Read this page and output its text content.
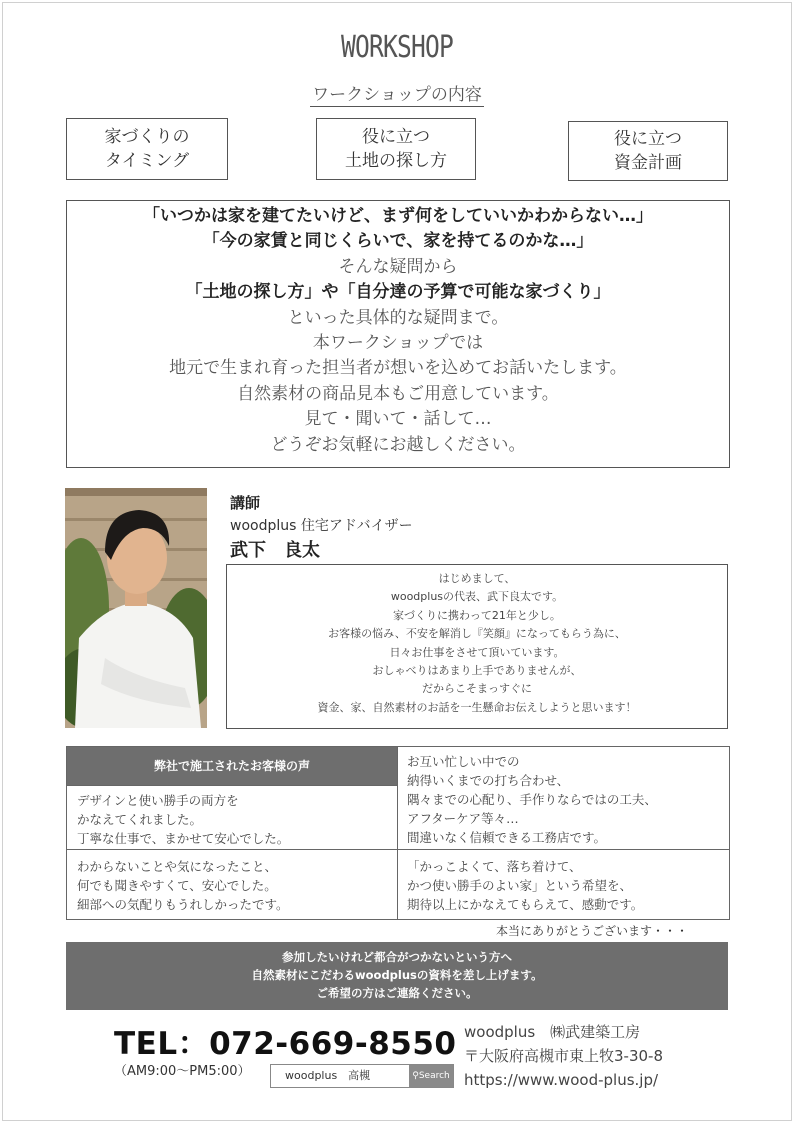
WORKSHOP
ワークショップの内容
家づくりの
タイミング
役に立つ
土地の探し方
役に立つ
資金計画
「いつかは家を建てたいけど、まず何をしていいかわからない…」
「今の家賃と同じくらいで、家を持てるのかな…」
そんな疑問から
「土地の探し方」や「自分達の予算で可能な家づくり」
といった具体的な疑問まで。
本ワークショップでは
地元で生まれ育った担当者が想いを込めてお話いたします。
自然素材の商品見本もご用意しています。
見て・聞いて・話して…
どうぞお気軽にお越しください。
講師
woodplus 住宅アドバイザー
武下　良太
はじめまして、
woodplusの代表、武下良太です。
家づくりに携わって21年と少し。
お客様の悩み、不安を解消し『笑顔』になってもらう為に、
日々お仕事をさせて頂いています。
おしゃべりはあまり上手でありませんが、
だからこそまっすぐに
資金、家、自然素材のお話を一生懸命お伝えしようと思います！
弊社で施工されたお客様の声
デザインと使い勝手の両方を
かなえてくれました。
丁寧な仕事で、まかせて安心でした。
お互い忙しい中での
納得いくまでの打ち合わせ、
隅々までの心配り、手作りならではの工夫、
アフターケア等々…
間違いなく信頼できる工務店です。
わからないことや気になったこと、
何でも聞きやすくて、安心でした。
細部への気配りもうれしかったです。
「かっこよくて、落ち着けて、
かつ使い勝手のよい家」という希望を、
期待以上にかなえてもらえて、感動です。
本当にありがとうございます・・・
参加したいけれど都合がつかないという方へ
自然素材にこだわるwoodplusの資料を差し上げます。
ご希望の方はご連絡ください。
TEL：072-669-8550
（AM9:00〜PM5:00）	woodplus　高槻	⚲Search
woodplus　㈱武建築工房
〒大阪府高槻市東上牧3-30-8
https://www.wood-plus.jp/
